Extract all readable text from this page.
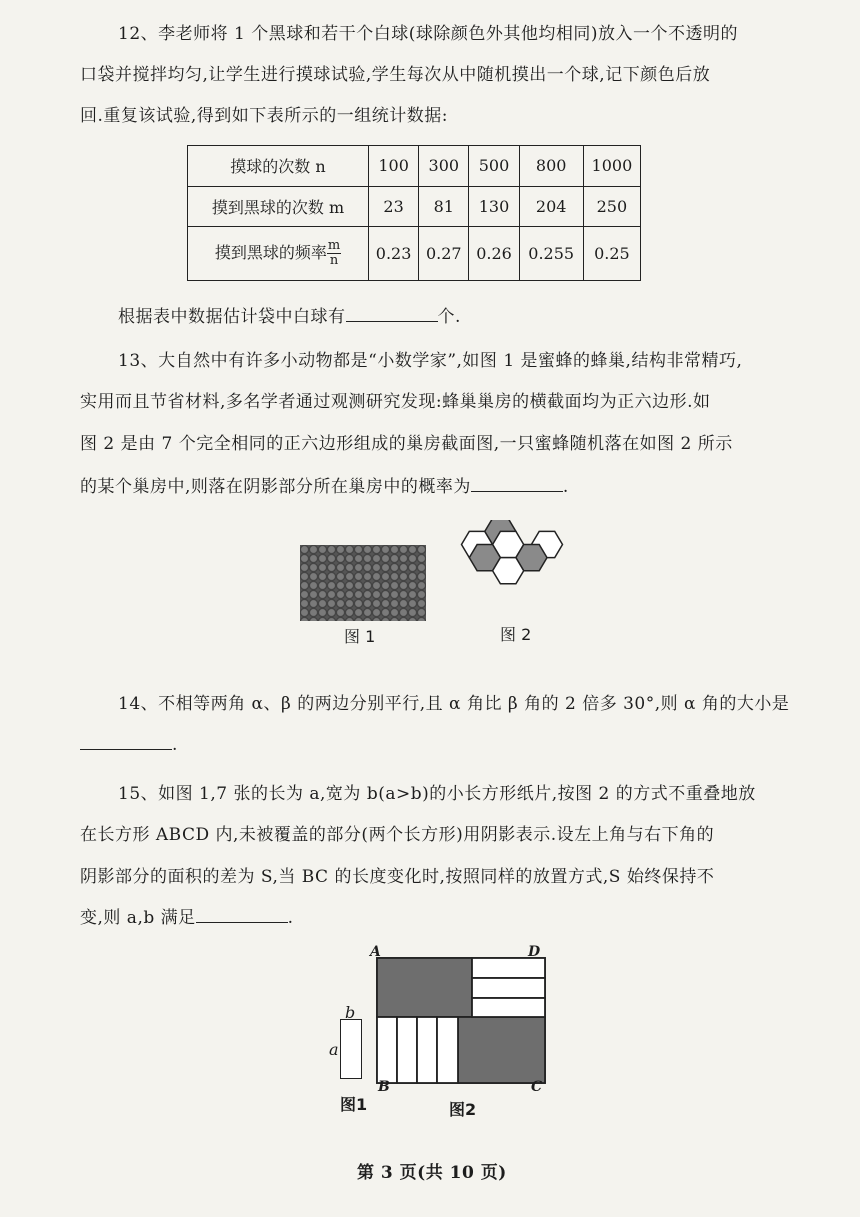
12、李老师将 1 个黑球和若干个白球(球除颜色外其他均相同)放入一个不透明的
口袋并搅拌均匀,让学生进行摸球试验,学生每次从中随机摸出一个球,记下颜色后放
回.重复该试验,得到如下表所示的一组统计数据:
摸球的次数 n	100	300	500	800	1000
摸到黑球的次数 m	23	81	130	204	250
摸到黑球的频率 $\frac{m}{n}$	0.23	0.27	0.26	0.255	0.25
根据表中数据估计袋中白球有	个.
13、大自然中有许多小动物都是“小数学家”,如图 1 是蜜蜂的蜂巢,结构非常精巧,
实用而且节省材料,多名学者通过观测研究发现:蜂巢巢房的横截面均为正六边形.如
图 2 是由 7 个完全相同的正六边形组成的巢房截面图,一只蜜蜂随机落在如图 2 所示
的某个巢房中,则落在阴影部分所在巢房中的概率为	.
图 1	图 2
14、不相等两角 α、β 的两边分别平行,且 α 角比 β 角的 2 倍多 30°,则 α 角的大小是
.
15、如图 1,7 张的长为 a,宽为 b(a>b)的小长方形纸片,按图 2 的方式不重叠地放
在长方形 ABCD 内,未被覆盖的部分(两个长方形)用阴影表示.设左上角与右下角的
阴影部分的面积的差为 S,当 BC 的长度变化时,按照同样的放置方式,S 始终保持不
变,则 a,b 满足	.
b
a
图1
A	D
B	C
图2
第 3 页(共 10 页)
